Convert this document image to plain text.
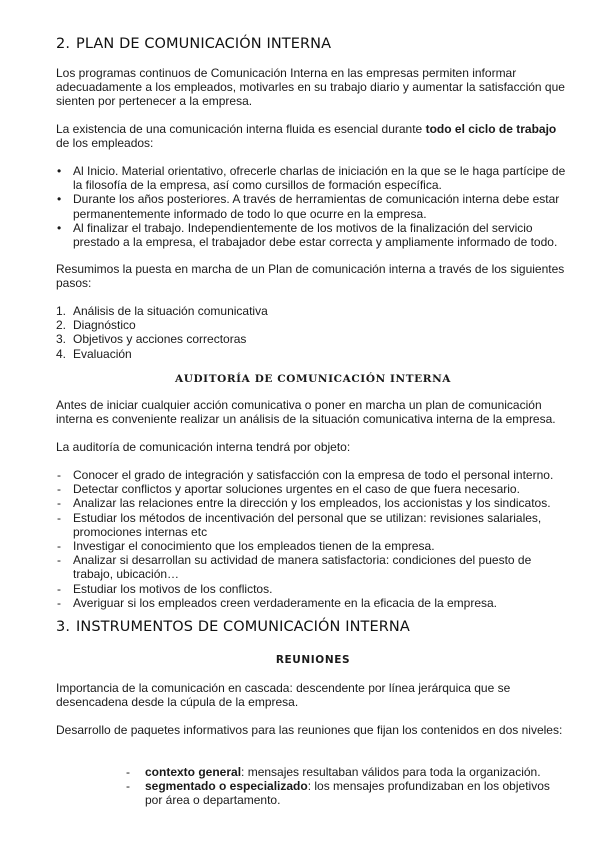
2. PLAN DE COMUNICACIÓN INTERNA

Los programas continuos de Comunicación Interna en las empresas permiten informar adecuadamente a los empleados, motivarles en su trabajo diario y aumentar la satisfacción que sienten por pertenecer a la empresa.

La existencia de una comunicación interna fluida es esencial durante todo el ciclo de trabajo de los empleados:

• Al Inicio. Material orientativo, ofrecerle charlas de iniciación en la que se le haga partícipe de la filosofía de la empresa, así como cursillos de formación específica.
• Durante los años posteriores. A través de herramientas de comunicación interna debe estar permanentemente informado de todo lo que ocurre en la empresa.
• Al finalizar el trabajo. Independientemente de los motivos de la finalización del servicio prestado a la empresa, el trabajador debe estar correcta y ampliamente informado de todo.

Resumimos la puesta en marcha de un Plan de comunicación interna a través de los siguientes pasos:

1. Análisis de la situación comunicativa
2. Diagnóstico
3. Objetivos y acciones correctoras
4. Evaluación
AUDITORÍA DE COMUNICACIÓN INTERNA

Antes de iniciar cualquier acción comunicativa o poner en marcha un plan de comunicación interna es conveniente realizar un análisis de la situación comunicativa interna de la empresa.

La auditoría de comunicación interna tendrá por objeto:

- Conocer el grado de integración y satisfacción con la empresa de todo el personal interno.
- Detectar conflictos y aportar soluciones urgentes en el caso de que fuera necesario.
- Analizar las relaciones entre la dirección y los empleados, los accionistas y los sindicatos.
- Estudiar los métodos de incentivación del personal que se utilizan: revisiones salariales, promociones internas etc
- Investigar el conocimiento que los empleados tienen de la empresa.
- Analizar si desarrollan su actividad de manera satisfactoria: condiciones del puesto de trabajo, ubicación…
- Estudiar los motivos de los conflictos.
- Averiguar si los empleados creen verdaderamente en la eficacia de la empresa.
3. INSTRUMENTOS DE COMUNICACIÓN INTERNA
REUNIONES

Importancia de la comunicación en cascada: descendente por línea jerárquica que se desencadena desde la cúpula de la empresa.

Desarrollo de paquetes informativos para las reuniones que fijan los contenidos en dos niveles:

- contexto general: mensajes resultaban válidos para toda la organización.
- segmentado o especializado: los mensajes profundizaban en los objetivos por área o departamento.
